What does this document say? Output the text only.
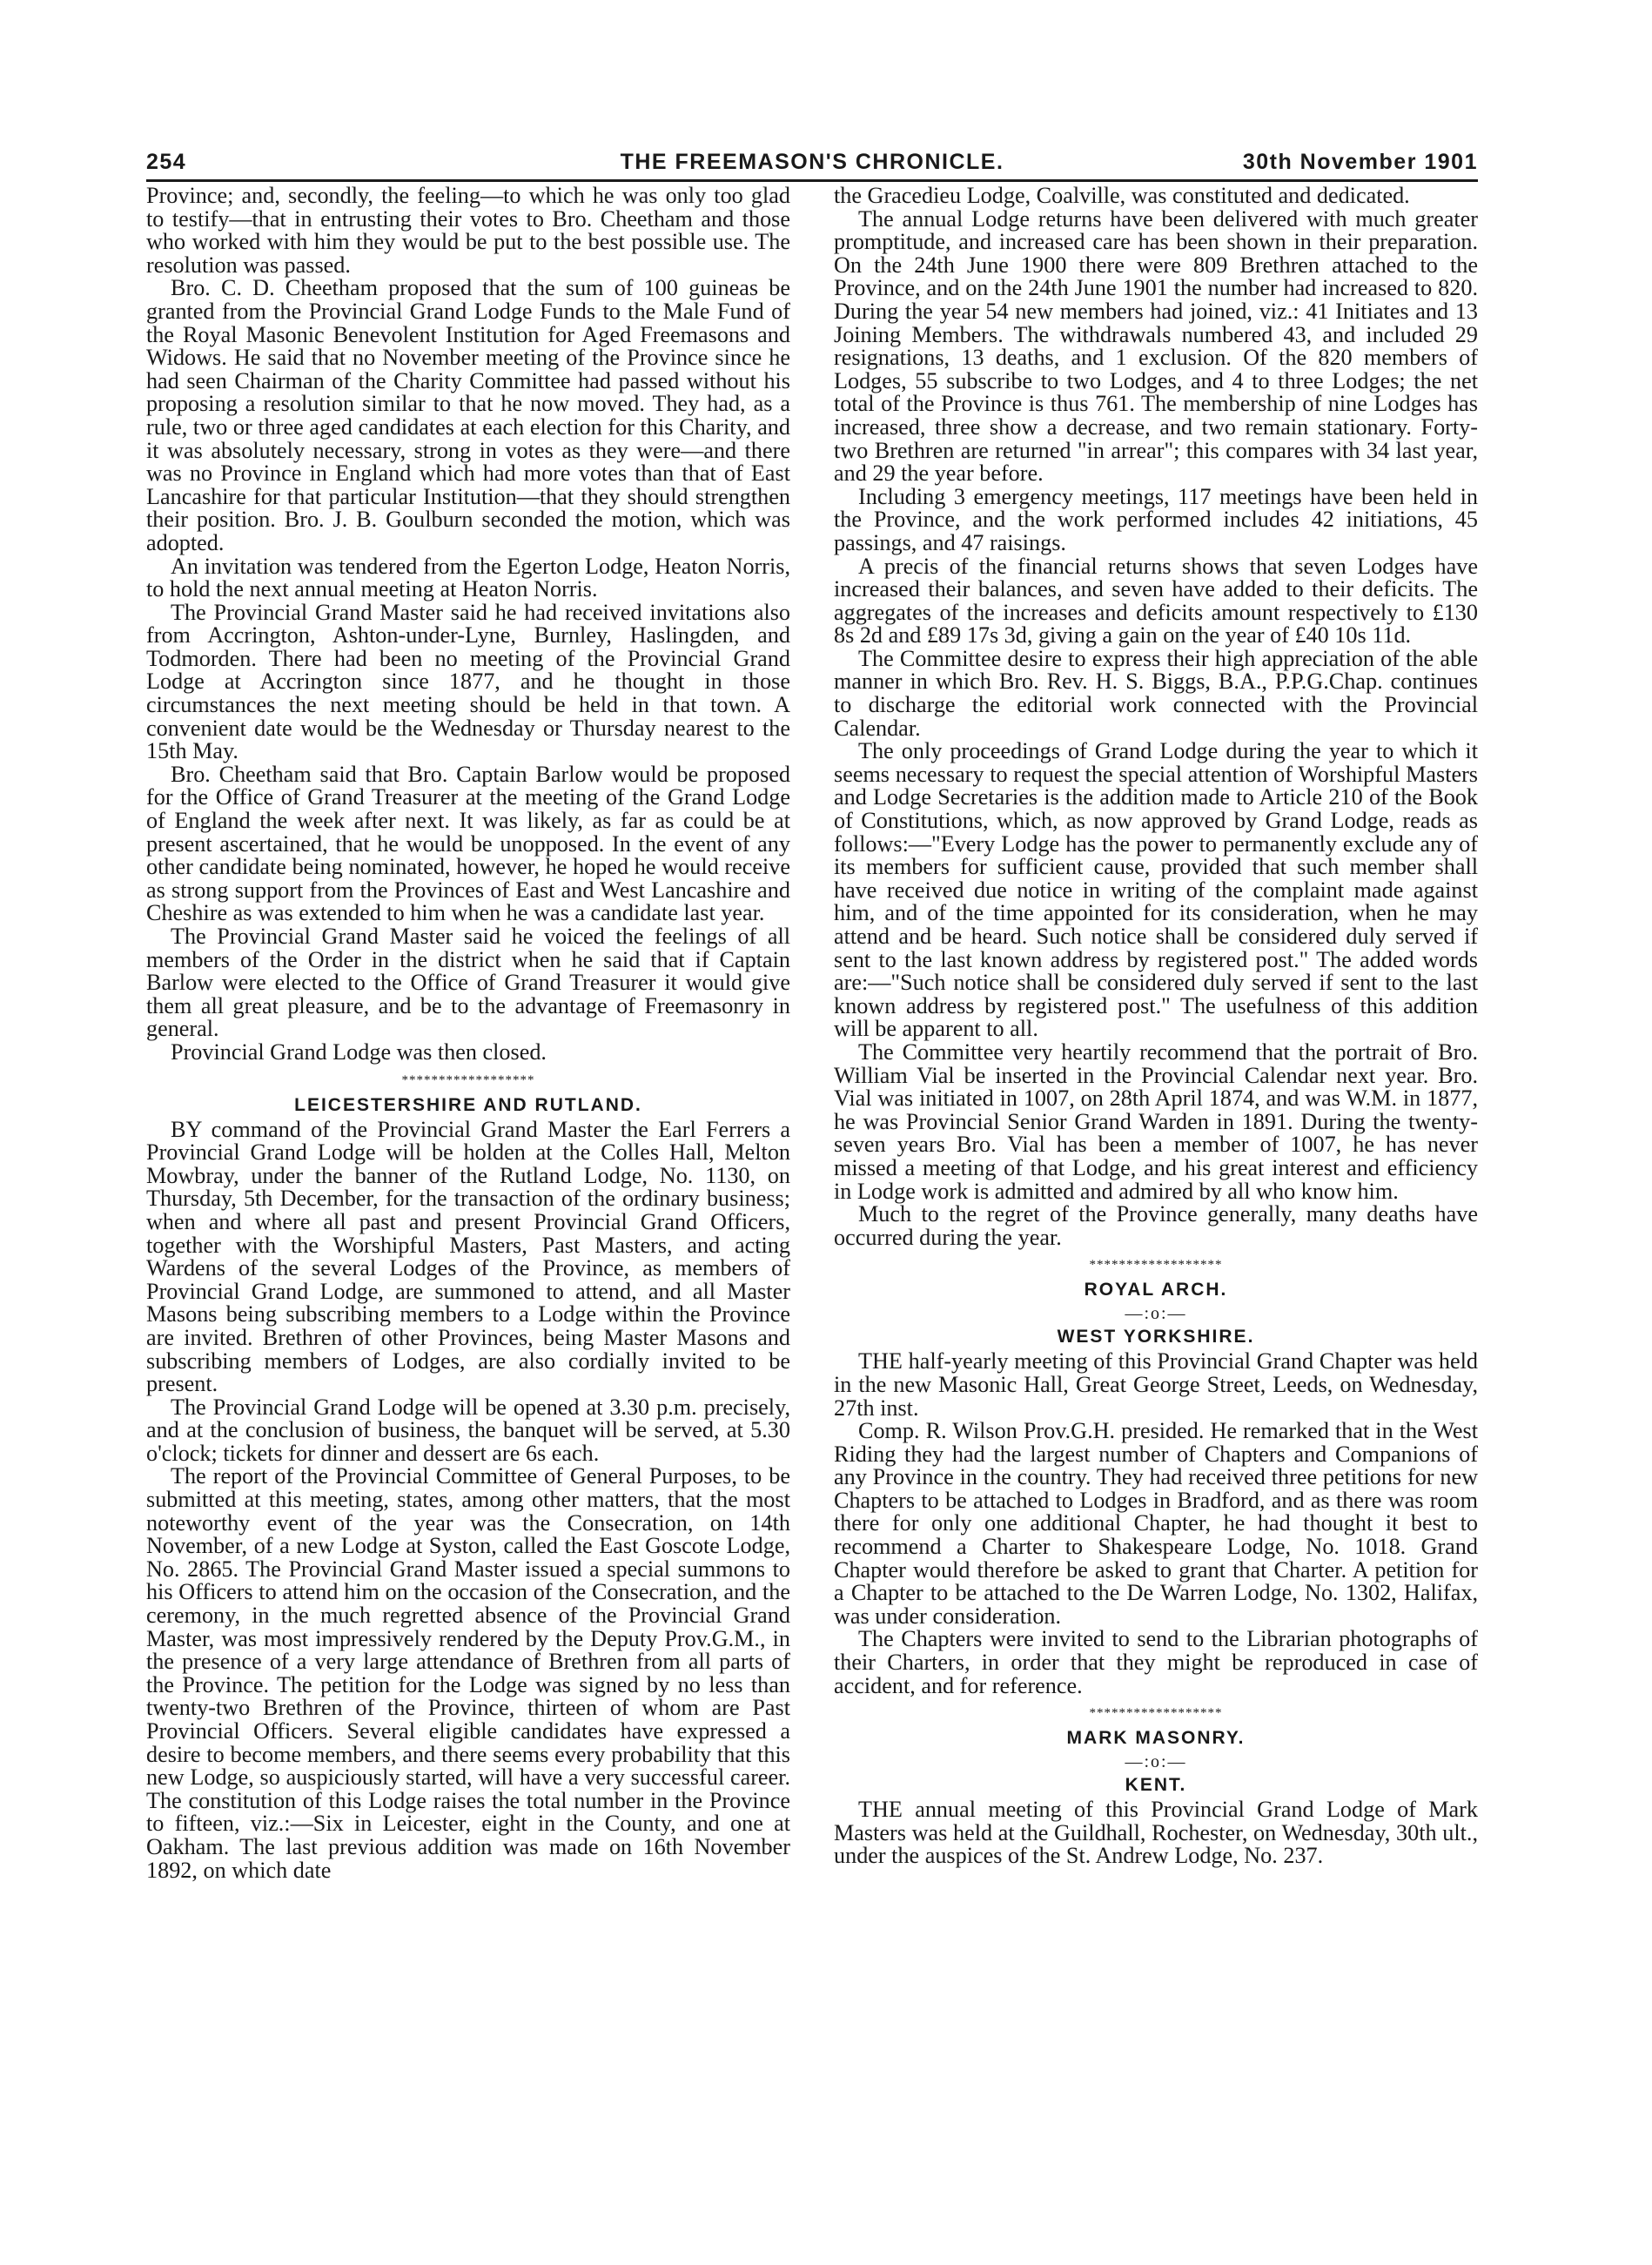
254	THE FREEMASON'S CHRONICLE.	30th November 1901

Province; and, secondly, the feeling—to which he was only too glad to testify—that in entrusting their votes to Bro. Cheetham and those who worked with him they would be put to the best possible use. The resolution was passed.

Bro. C. D. Cheetham proposed that the sum of 100 guineas be granted from the Provincial Grand Lodge Funds to the Male Fund of the Royal Masonic Benevolent Institution for Aged Freemasons and Widows. He said that no November meeting of the Province since he had seen Chairman of the Charity Committee had passed without his proposing a resolution similar to that he now moved. They had, as a rule, two or three aged candidates at each election for this Charity, and it was absolutely necessary, strong in votes as they were—and there was no Province in England which had more votes than that of East Lancashire for that particular Institution—that they should strengthen their position. Bro. J. B. Goulburn seconded the motion, which was adopted.

An invitation was tendered from the Egerton Lodge, Heaton Norris, to hold the next annual meeting at Heaton Norris.

The Provincial Grand Master said he had received invitations also from Accrington, Ashton-under-Lyne, Burnley, Haslingden, and Todmorden. There had been no meeting of the Provincial Grand Lodge at Accrington since 1877, and he thought in those circumstances the next meeting should be held in that town. A convenient date would be the Wednesday or Thursday nearest to the 15th May.

Bro. Cheetham said that Bro. Captain Barlow would be proposed for the Office of Grand Treasurer at the meeting of the Grand Lodge of England the week after next. It was likely, as far as could be at present ascertained, that he would be unopposed. In the event of any other candidate being nominated, however, he hoped he would receive as strong support from the Provinces of East and West Lancashire and Cheshire as was extended to him when he was a candidate last year.

The Provincial Grand Master said he voiced the feelings of all members of the Order in the district when he said that if Captain Barlow were elected to the Office of Grand Treasurer it would give them all great pleasure, and be to the advantage of Freemasonry in general.

Provincial Grand Lodge was then closed.

******************
LEICESTERSHIRE AND RUTLAND.

BY command of the Provincial Grand Master the Earl Ferrers a Provincial Grand Lodge will be holden at the Colles Hall, Melton Mowbray, under the banner of the Rutland Lodge, No. 1130, on Thursday, 5th December, for the transaction of the ordinary business; when and where all past and present Provincial Grand Officers, together with the Worshipful Masters, Past Masters, and acting Wardens of the several Lodges of the Province, as members of Provincial Grand Lodge, are summoned to attend, and all Master Masons being subscribing members to a Lodge within the Province are invited. Brethren of other Provinces, being Master Masons and subscribing members of Lodges, are also cordially invited to be present.

The Provincial Grand Lodge will be opened at 3.30 p.m. precisely, and at the conclusion of business, the banquet will be served, at 5.30 o'clock; tickets for dinner and dessert are 6s each.

The report of the Provincial Committee of General Purposes, to be submitted at this meeting, states, among other matters, that the most noteworthy event of the year was the Consecration, on 14th November, of a new Lodge at Syston, called the East Goscote Lodge, No. 2865. The Provincial Grand Master issued a special summons to his Officers to attend him on the occasion of the Consecration, and the ceremony, in the much regretted absence of the Provincial Grand Master, was most impressively rendered by the Deputy Prov.G.M., in the presence of a very large attendance of Brethren from all parts of the Province. The petition for the Lodge was signed by no less than twenty-two Brethren of the Province, thirteen of whom are Past Provincial Officers. Several eligible candidates have expressed a desire to become members, and there seems every probability that this new Lodge, so auspiciously started, will have a very successful career. The constitution of this Lodge raises the total number in the Province to fifteen, viz.:—Six in Leicester, eight in the County, and one at Oakham. The last previous addition was made on 16th November 1892, on which date

the Gracedieu Lodge, Coalville, was constituted and dedicated.

The annual Lodge returns have been delivered with much greater promptitude, and increased care has been shown in their preparation. On the 24th June 1900 there were 809 Brethren attached to the Province, and on the 24th June 1901 the number had increased to 820. During the year 54 new members had joined, viz.: 41 Initiates and 13 Joining Members. The withdrawals numbered 43, and included 29 resignations, 13 deaths, and 1 exclusion. Of the 820 members of Lodges, 55 subscribe to two Lodges, and 4 to three Lodges; the net total of the Province is thus 761. The membership of nine Lodges has increased, three show a decrease, and two remain stationary. Forty-two Brethren are returned "in arrear"; this compares with 34 last year, and 29 the year before.

Including 3 emergency meetings, 117 meetings have been held in the Province, and the work performed includes 42 initiations, 45 passings, and 47 raisings.

A precis of the financial returns shows that seven Lodges have increased their balances, and seven have added to their deficits. The aggregates of the increases and deficits amount respectively to £130 8s 2d and £89 17s 3d, giving a gain on the year of £40 10s 11d.

The Committee desire to express their high appreciation of the able manner in which Bro. Rev. H. S. Biggs, B.A., P.P.G.Chap. continues to discharge the editorial work connected with the Provincial Calendar.

The only proceedings of Grand Lodge during the year to which it seems necessary to request the special attention of Worshipful Masters and Lodge Secretaries is the addition made to Article 210 of the Book of Constitutions, which, as now approved by Grand Lodge, reads as follows:—"Every Lodge has the power to permanently exclude any of its members for sufficient cause, provided that such member shall have received due notice in writing of the complaint made against him, and of the time appointed for its consideration, when he may attend and be heard. Such notice shall be considered duly served if sent to the last known address by registered post." The added words are:—"Such notice shall be considered duly served if sent to the last known address by registered post." The usefulness of this addition will be apparent to all.

The Committee very heartily recommend that the portrait of Bro. William Vial be inserted in the Provincial Calendar next year. Bro. Vial was initiated in 1007, on 28th April 1874, and was W.M. in 1877, he was Provincial Senior Grand Warden in 1891. During the twenty-seven years Bro. Vial has been a member of 1007, he has never missed a meeting of that Lodge, and his great interest and efficiency in Lodge work is admitted and admired by all who know him.

Much to the regret of the Province generally, many deaths have occurred during the year.

******************
ROYAL ARCH.
—:o:—
WEST YORKSHIRE.

THE half-yearly meeting of this Provincial Grand Chapter was held in the new Masonic Hall, Great George Street, Leeds, on Wednesday, 27th inst.

Comp. R. Wilson Prov.G.H. presided. He remarked that in the West Riding they had the largest number of Chapters and Companions of any Province in the country. They had received three petitions for new Chapters to be attached to Lodges in Bradford, and as there was room there for only one additional Chapter, he had thought it best to recommend a Charter to Shakespeare Lodge, No. 1018. Grand Chapter would therefore be asked to grant that Charter. A petition for a Chapter to be attached to the De Warren Lodge, No. 1302, Halifax, was under consideration.

The Chapters were invited to send to the Librarian photographs of their Charters, in order that they might be reproduced in case of accident, and for reference.

******************
MARK MASONRY.
—:o:—
KENT.

THE annual meeting of this Provincial Grand Lodge of Mark Masters was held at the Guildhall, Rochester, on Wednesday, 30th ult., under the auspices of the St. Andrew Lodge, No. 237.
